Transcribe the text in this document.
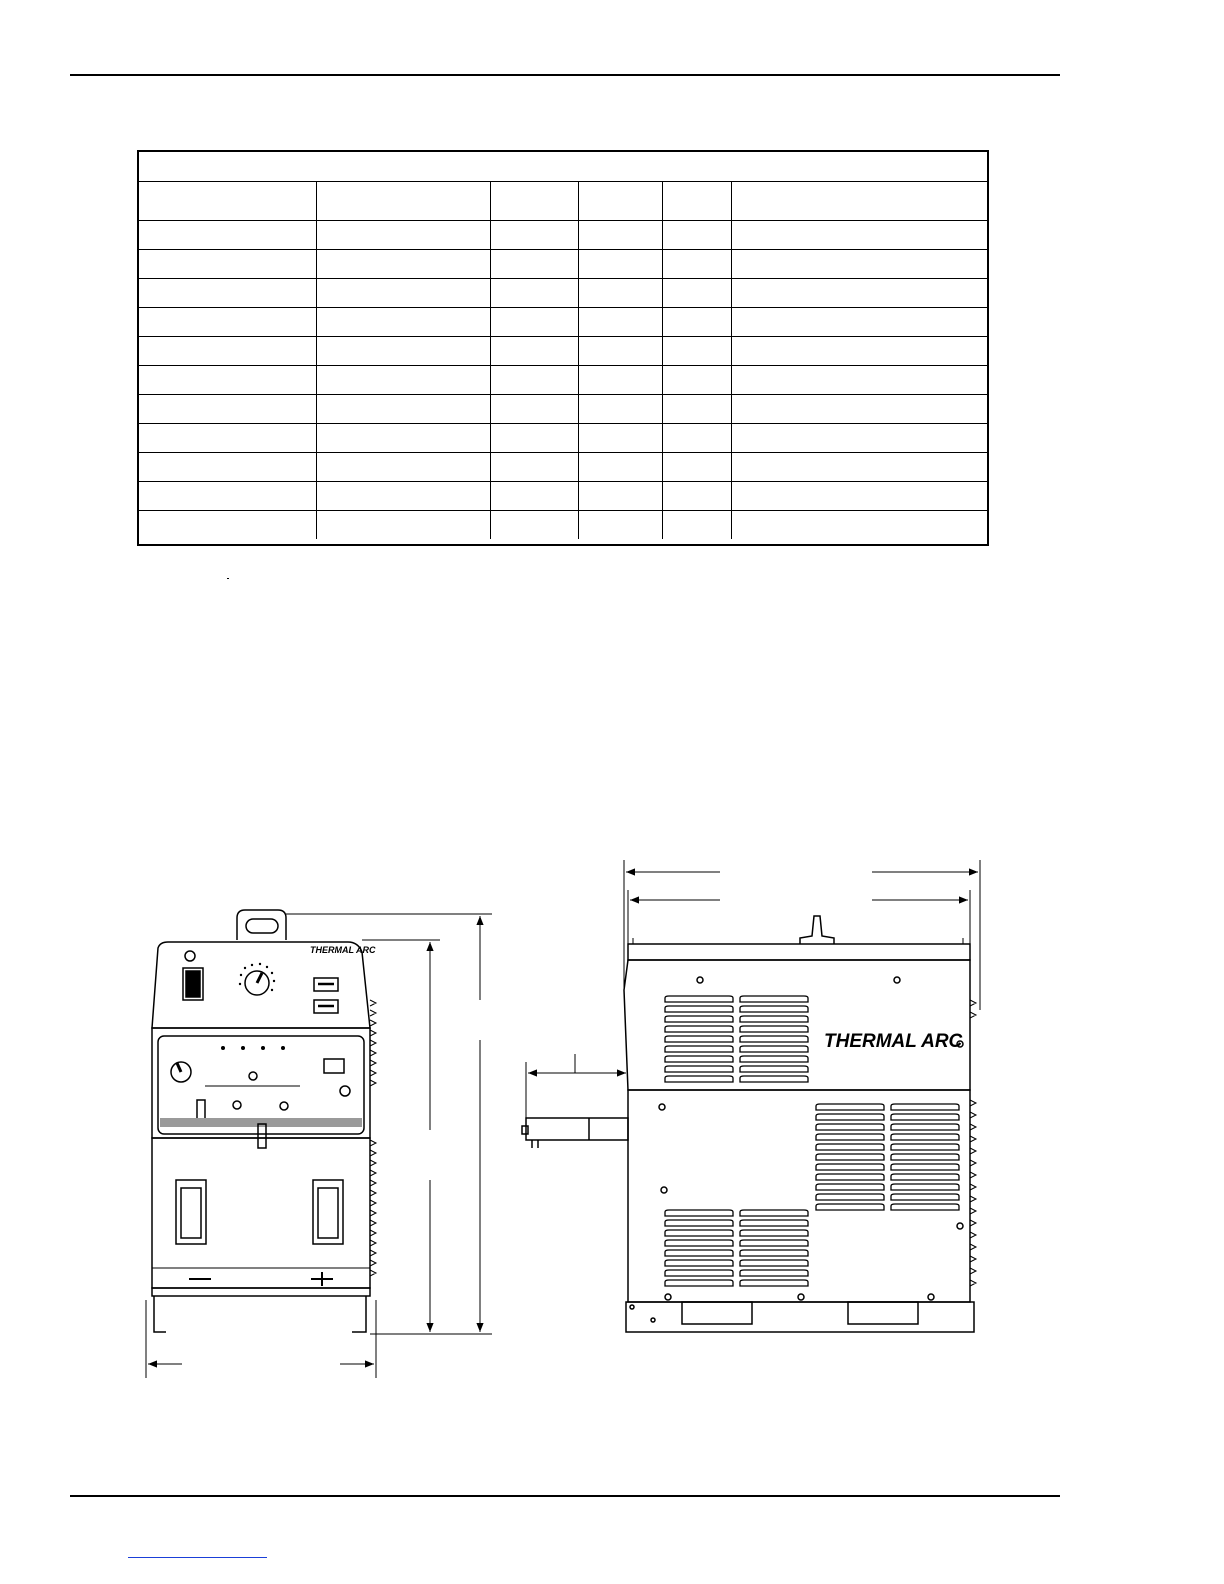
THERMAL ARC
THERMAL ARC
